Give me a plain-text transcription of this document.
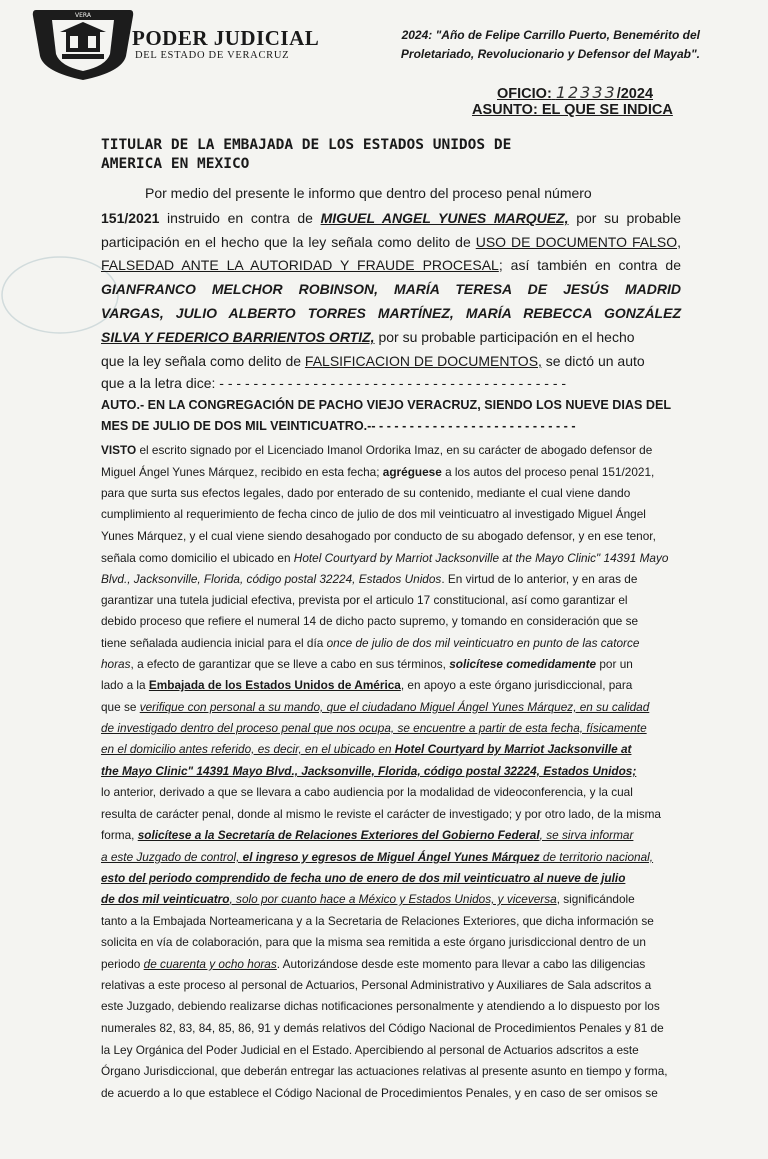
VERA
PODER JUDICIAL
DEL ESTADO DE VERACRUZ
2024: "Año de Felipe Carrillo Puerto, Benemérito del
Proletariado, Revolucionario y Defensor del Mayab".
OFICIO: 12333/2024
ASUNTO: EL QUE SE INDICA
TITULAR DE LA EMBAJADA DE LOS ESTADOS UNIDOS DE
AMERICA EN MEXICO
Por medio del presente le informo que dentro del proceso penal número
151/2021 instruido en contra de MIGUEL ANGEL YUNES MARQUEZ, por su probable
participación en el hecho que la ley señala como delito de USO DE DOCUMENTO FALSO,
FALSEDAD ANTE LA AUTORIDAD Y FRAUDE PROCESAL; así también en contra de
GIANFRANCO MELCHOR ROBINSON, MARÍA TERESA DE JESÚS MADRID
VARGAS, JULIO ALBERTO TORRES MARTÍNEZ, MARÍA REBECCA GONZÁLEZ
SILVA Y FEDERICO BARRIENTOS ORTIZ, por su probable participación en el hecho
que la ley señala como delito de FALSIFICACION DE DOCUMENTOS, se dictó un auto
que a la letra dice: - - - - - - - - - - - - - - - - - - - - - - - - - - - - - - - - - - - - - - - - -
AUTO.- EN LA CONGREGACIÓN DE PACHO VIEJO VERACRUZ, SIENDO LOS NUEVE DIAS DEL
MES DE JULIO DE DOS MIL VEINTICUATRO.-- - - - - - - - - - - - - - - - - - - - - - - - - - -
VISTO el escrito signado por el Licenciado Imanol Ordorika Imaz, en su carácter de abogado defensor de
Miguel Ángel Yunes Márquez, recibido en esta fecha; agréguese a los autos del proceso penal 151/2021,
para que surta sus efectos legales, dado por enterado de su contenido, mediante el cual viene dando
cumplimiento al requerimiento de fecha cinco de julio de dos mil veinticuatro al investigado Miguel Ángel
Yunes Márquez, y el cual viene siendo desahogado por conducto de su abogado defensor, y en ese tenor,
señala como domicilio el ubicado en Hotel Courtyard by Marriot Jacksonville at the Mayo Clinic" 14391 Mayo
Blvd., Jacksonville, Florida, código postal 32224, Estados Unidos. En virtud de lo anterior, y en aras de
garantizar una tutela judicial efectiva, prevista por el articulo 17 constitucional, así como garantizar el
debido proceso que refiere el numeral 14 de dicho pacto supremo, y tomando en consideración que se
tiene señalada audiencia inicial para el día once de julio de dos mil veinticuatro en punto de las catorce
horas, a efecto de garantizar que se lleve a cabo en sus términos, solicítese comedidamente por un
lado a la Embajada de los Estados Unidos de América, en apoyo a este órgano jurisdiccional, para
que se verifique con personal a su mando, que el ciudadano Miguel Ángel Yunes Márquez, en su calidad
de investigado dentro del proceso penal que nos ocupa, se encuentre a partir de esta fecha, físicamente
en el domicilio antes referido, es decir, en el ubicado en Hotel Courtyard by Marriot Jacksonville at
the Mayo Clinic" 14391 Mayo Blvd., Jacksonville, Florida, código postal 32224, Estados Unidos;
lo anterior, derivado a que se llevara a cabo audiencia por la modalidad de videoconferencia, y la cual
resulta de carácter penal, donde al mismo le reviste el carácter de investigado; y por otro lado, de la misma
forma, solicítese a la Secretaría de Relaciones Exteriores del Gobierno Federal, se sirva informar
a este Juzgado de control, el ingreso y egresos de Miguel Ángel Yunes Márquez de territorio nacional,
esto del periodo comprendido de fecha uno de enero de dos mil veinticuatro al nueve de julio
de dos mil veinticuatro, solo por cuanto hace a México y Estados Unidos, y viceversa, significándole
tanto a la Embajada Norteamericana y a la Secretaria de Relaciones Exteriores, que dicha información se
solicita en vía de colaboración, para que la misma sea remitida a este órgano jurisdiccional dentro de un
periodo de cuarenta y ocho horas. Autorizándose desde este momento para llevar a cabo las diligencias
relativas a este proceso al personal de Actuarios, Personal Administrativo y Auxiliares de Sala adscritos a
este Juzgado, debiendo realizarse dichas notificaciones personalmente y atendiendo a lo dispuesto por los
numerales 82, 83, 84, 85, 86, 91 y demás relativos del Código Nacional de Procedimientos Penales y 81 de
la Ley Orgánica del Poder Judicial en el Estado. Apercibiendo al personal de Actuarios adscritos a este
Órgano Jurisdiccional, que deberán entregar las actuaciones relativas al presente asunto en tiempo y forma,
de acuerdo a lo que establece el Código Nacional de Procedimientos Penales, y en caso de ser omisos se
